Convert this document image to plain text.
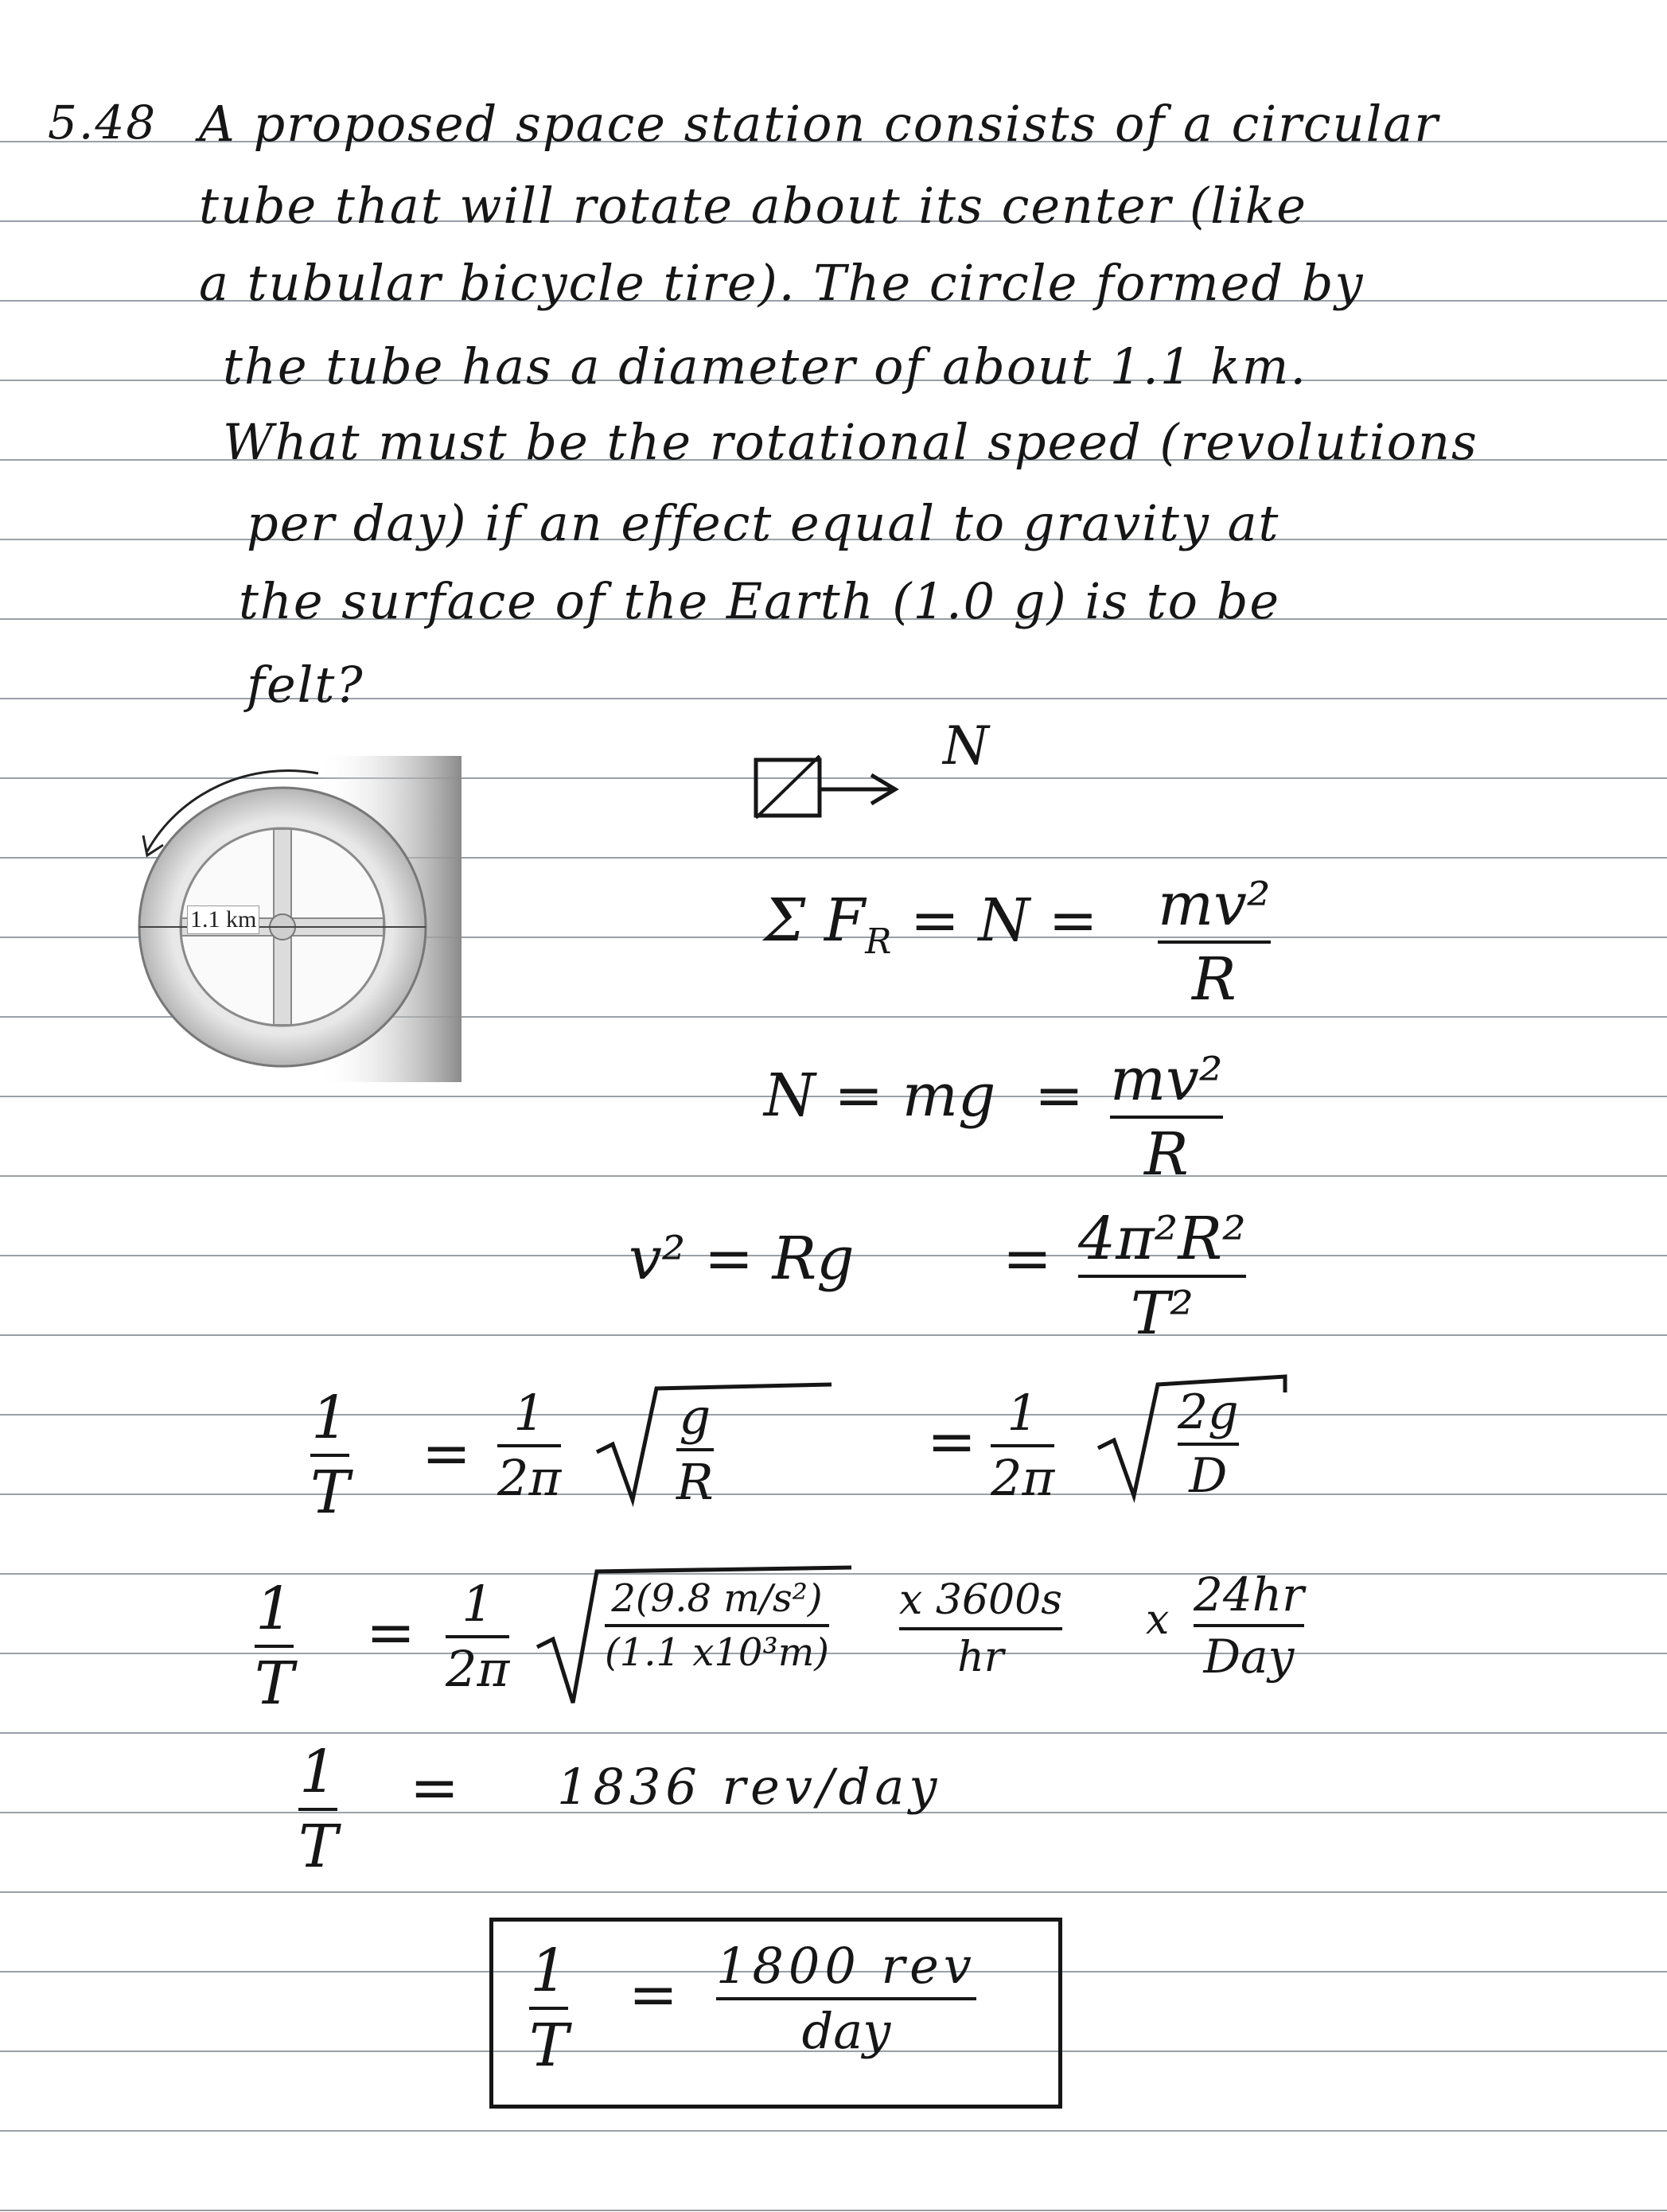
5.48 A proposed space station consists of a circular
tube that will rotate about its center (like
a tubular bicycle tire). The circle formed by
the tube has a diameter of about 1.1 km.
What must be the rotational speed (revolutions
per day) if an effect equal to gravity at
the surface of the Earth (1.0 g) is to be
felt?
N
1.1 km	Σ $F_R = N = mv^2$
R
N = mg = mv²
R
v² = Rg	= 4π²R²
T²
1
T
=
1
2π
g
R
= 1
2π
2g
D
1
T
= 1
2π
2(9.8 m/s²)
(1.1 x10³m)
x 3600s
hr
x 24hr
Day
1
T
= 1836 rev/day
1
T
= 1800 rev
day
